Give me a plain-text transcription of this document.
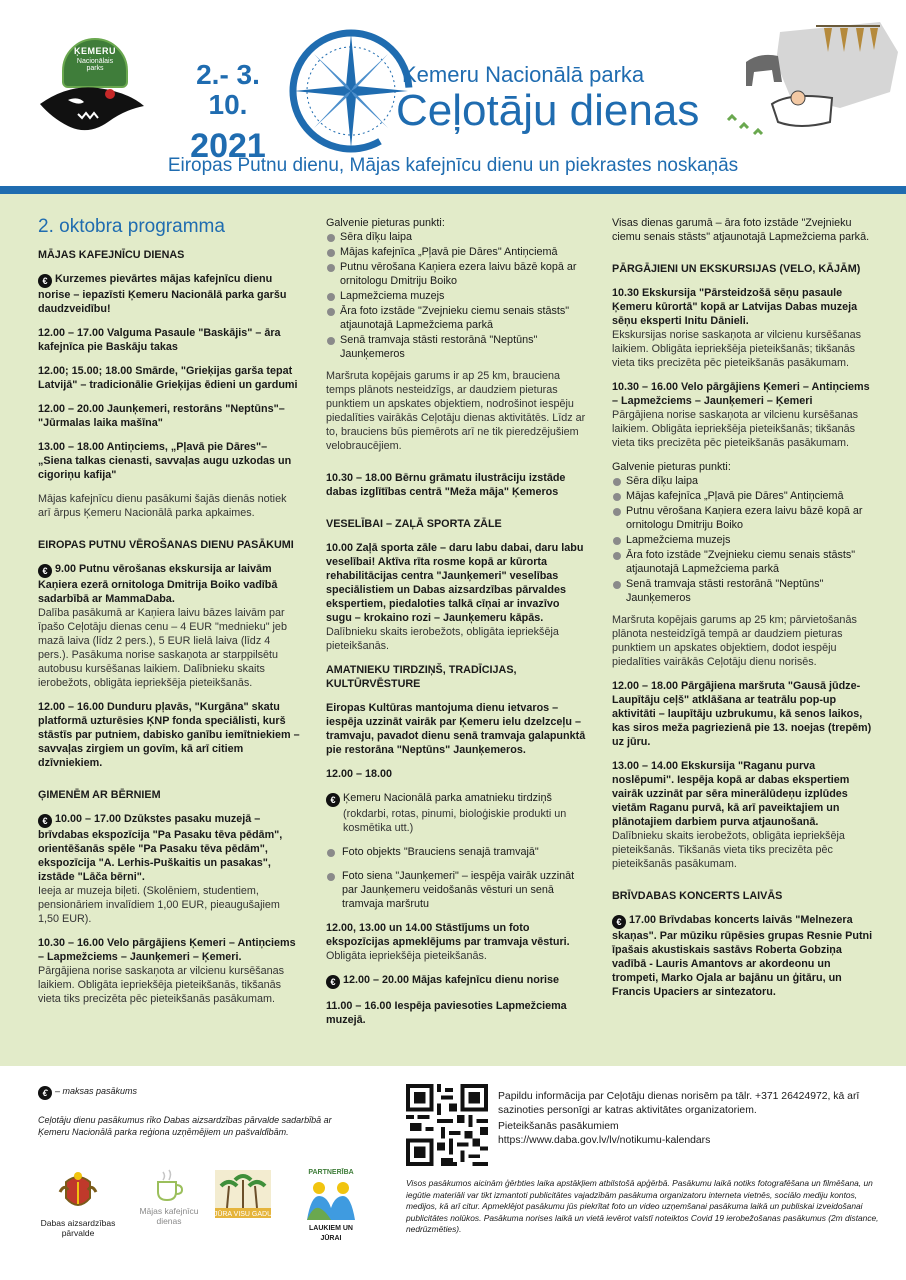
ĶEMERU
Nacionālais parks	2.- 3. 10.
2021
Ķemeru Nacionālā parka
Ceļotāju dienas
Eiropas Putnu dienu, Mājas kafejnīcu dienu un piekrastes noskaņās
2. oktobra programma
MĀJAS KAFEJNĪCU DIENAS
€ Kurzemes pievārtes mājas kafejnīcu dienu norise – iepazīsti Ķemeru Nacionālā parka garšu daudzveidību!
12.00 – 17.00 Valguma Pasaule "Baskājis" – āra kafejnīca pie Baskāju takas
12.00; 15.00; 18.00 Smārde, "Grieķijas garša tepat Latvijā" – tradicionālie Grieķijas ēdieni un gardumi
12.00 – 20.00 Jaunķemeri, restorāns "Neptūns"– "Jūrmalas laika mašīna"
13.00 – 18.00 Antiņciems, „Pļavā pie Dāres"– „Siena talkas cienasti, savvaļas augu uzkodas un cigoriņu kafija"
Mājas kafejnīcu dienu pasākumi šajās dienās notiek arī ārpus Ķemeru Nacionālā parka apkaimes.
EIROPAS PUTNU VĒROŠANAS DIENU PASĀKUMI
€ 9.00 Putnu vērošanas ekskursija ar laivām Kaņiera ezerā ornitologa Dmitrija Boiko vadībā sadarbībā ar MammaDaba.
Dalība pasākumā ar Kaņiera laivu bāzes laivām par īpašo Ceļotāju dienas cenu – 4 EUR "mednieku" jeb mazā laiva (līdz 2 pers.), 5 EUR lielā laiva (līdz 4 pers.). Pasākuma norise saskaņota ar starppilsētu autobusu kursēšanas laikiem. Dalībnieku skaits ierobežots, obligāta iepriekšēja pieteikšanās.
12.00 – 16.00 Dunduru pļavās, "Kurgāna" skatu platformā uzturēsies ĶNP fonda speciālisti, kurš stāstīs par putniem, dabisko ganību iemītniekiem – savvaļas zirgiem un govīm, kā arī citiem dzīvniekiem.
ĢIMENĒM AR BĒRNIEM
€ 10.00 – 17.00 Dzūkstes pasaku muzejā – brīvdabas ekspozīcija "Pa Pasaku tēva pēdām", orientēšanās spēle "Pa Pasaku tēva pēdām", ekspozīcija "A. Lerhis-Puškaitis un pasakas", izstāde "Lāča bērni".
Ieeja ar muzeja biļeti. (Skolēniem, studentiem, pensionāriem invalīdiem 1,00 EUR, pieaugušajiem 1,50 EUR).
10.30 – 16.00 Velo pārgājiens Ķemeri – Antiņciems – Lapmežciems – Jaunķemeri – Ķemeri.
Pārgājiena norise saskaņota ar vilcienu kursēšanas laikiem. Obligāta iepriekšēja pieteikšanās, tikšanās vieta tiks precizēta pēc pieteikšanās pasākumam.
Galvenie pieturas punkti:
Sēra dīķu laipa
Mājas kafejnīca „Pļavā pie Dāres" Antiņciemā
Putnu vērošana Kaņiera ezera laivu bāzē kopā ar ornitologu Dmitriju Boiko
Lapmežciema muzejs
Āra foto izstāde "Zvejnieku ciemu senais stāsts" atjaunotajā Lapmežciema parkā
Senā tramvaja stāsti restorānā "Neptūns" Jaunķemeros
Maršruta kopējais garums ir ap 25 km, brauciena temps plānots nesteidzīgs, ar daudziem pieturas punktiem un apskates objektiem, nodrošinot iespēju piedalīties vairākās Ceļotāju dienas aktivitātēs. Līdz ar to, brauciens būs piemērots arī ne tik pieredzējušiem velobraucējiem.
10.30 – 18.00 Bērnu grāmatu ilustrāciju izstāde dabas izglītības centrā "Meža māja" Ķemeros
VESELĪBAI – ZAĻĀ SPORTA ZĀLE
10.00 Zaļā sporta zāle – daru labu dabai, daru labu veselībai! Aktīva rīta rosme kopā ar kūrorta rehabilitācijas centra "Jaunķemeri" veselības speciālistiem un Dabas aizsardzības pārvaldes ekspertiem, piedaloties talkā cīņai ar invazīvo sugu – krokaino rozi – Jaunķemeru kāpās.
Dalībnieku skaits ierobežots, obligāta iepriekšēja pieteikšanās.
AMATNIEKU TIRDZIŅŠ, TRADĪCIJAS, KULTŪRVĒSTURE
Eiropas Kultūras mantojuma dienu ietvaros – iespēja uzzināt vairāk par Ķemeru ielu dzelzceļu – tramvaju, pavadot dienu senā tramvaja galapunktā pie restorāna "Neptūns" Jaunķemeros.
12.00 – 18.00
€ Ķemeru Nacionālā parka amatnieku tirdziņš
(rokdarbi, rotas, pinumi, bioloģiskie produkti un kosmētika utt.)
Foto objekts "Brauciens senajā tramvajā"
Foto siena "Jaunķemeri" – iespēja vairāk uzzināt par Jaunķemeru veidošanās vēsturi un senā tramvaja maršrutu
12.00, 13.00 un 14.00 Stāstījums un foto ekspozīcijas apmeklējums par tramvaja vēsturi.
Obligāta iepriekšēja pieteikšanās.
€ 12.00 – 20.00 Mājas kafejnīcu dienu norise
11.00 – 16.00 Iespēja paviesoties Lapmežciema muzejā.
Visas dienas garumā – āra foto izstāde "Zvejnieku ciemu senais stāsts" atjaunotajā Lapmežciema parkā.
PĀRGĀJIENI UN EKSKURSIJAS (VELO, KĀJĀM)
10.30 Ekskursija "Pārsteidzošā sēņu pasaule Ķemeru kūrortā" kopā ar Latvijas Dabas muzeja sēņu eksperti Initu Dānieli.
Ekskursijas norise saskaņota ar vilcienu kursēšanas laikiem. Obligāta iepriekšēja pieteikšanās; tikšanās vieta tiks precizēta pēc pieteikšanās pasākumam.
10.30 – 16.00 Velo pārgājiens Ķemeri – Antiņciems – Lapmežciems – Jaunķemeri – Ķemeri
Pārgājiena norise saskaņota ar vilcienu kursēšanas laikiem. Obligāta iepriekšēja pieteikšanās; tikšanās vieta tiks precizēta pēc pieteikšanās pasākumam.
Galvenie pieturas punkti:
Sēra dīķu laipa
Mājas kafejnīca „Pļavā pie Dāres" Antiņciemā
Putnu vērošana Kaņiera ezera laivu bāzē kopā ar ornitologu Dmitriju Boiko
Lapmežciema muzejs
Āra foto izstāde "Zvejnieku ciemu senais stāsts" atjaunotajā Lapmežciema parkā
Senā tramvaja stāsti restorānā "Neptūns" Jaunķemeros
Maršruta kopējais garums ap 25 km; pārvietošanās plānota nesteidzīgā tempā ar daudziem pieturas punktiem un apskates objektiem, dodot iespēju piedalīties vairākās Ceļotāju dienu norisēs.
12.00 – 18.00 Pārgājiena maršruta "Gausā jūdze-Laupītāju ceļš" atklāšana ar teatrālu pop-up aktivitāti – laupītāju uzbrukumu, kā senos laikos, kas siros meža pagriezienā pie 13. noejas (trepēm) uz jūru.
13.00 – 14.00 Ekskursija "Raganu purva noslēpumi". Iespēja kopā ar dabas ekspertiem vairāk uzzināt par sēra minerālūdeņu izplūdes vietām Raganu purvā, kā arī paveiktajiem un plānotajiem darbiem purva atjaunošanā.
Dalībnieku skaits ierobežots, obligāta iepriekšēja pieteikšanās. Tikšanās vieta tiks precizēta pēc pieteikšanās pasākumam.
BRĪVDABAS KONCERTS LAIVĀS
€ 17.00 Brīvdabas koncerts laivās "Melnezera skaņas". Par mūziku rūpēsies grupas Resnie Putni īpašais akustiskais sastāvs Roberta Gobziņa vadībā - Lauris Amantovs ar akordeonu un trompeti, Marko Ojala ar bajānu un ģitāru, un Francis Upaciers ar sintezatoru.
€ – maksas pasākums
Ceļotāju dienu pasākumus rīko Dabas aizsardzības pārvalde sadarbībā ar Ķemeru Nacionālā parka reģiona uzņēmējiem un pašvaldībām.
Papildu informācija par Ceļotāju dienas norisēm pa tālr. +371 26424972, kā arī sazinoties personīgi ar katras aktivitātes organizatoriem.
Pieteikšanās pasākumiem
https://www.daba.gov.lv/lv/notikumu-kalendars
Visos pasākumos aicinām ģērbties laika apstākļiem atbilstošā apģērbā. Pasākumu laikā notiks fotografēšana un filmēšana, un iegūtie materiāli var tikt izmantoti publicitātes vajadzībām pasākuma organizatoru interneta vietnēs, sociālo mediju kontos, medijos, kā arī citur. Apmeklējot pasākumu jūs piekrītat foto un video uzņemšanai pasākuma laikā un publiskai izveidošanai publicitātes nolūkos. Pasākuma norises laikā un vietā ievērot valstī noteiktos Covid 19 ierobežošanas pasākumus (2m distance, nedrūzmēties).
Dabas aizsardzības pārvalde
Mājas kafejnīcu dienas
JŪRA VISU GADU
PARTNERĪBA
LAUKIEM UN JŪRAI
